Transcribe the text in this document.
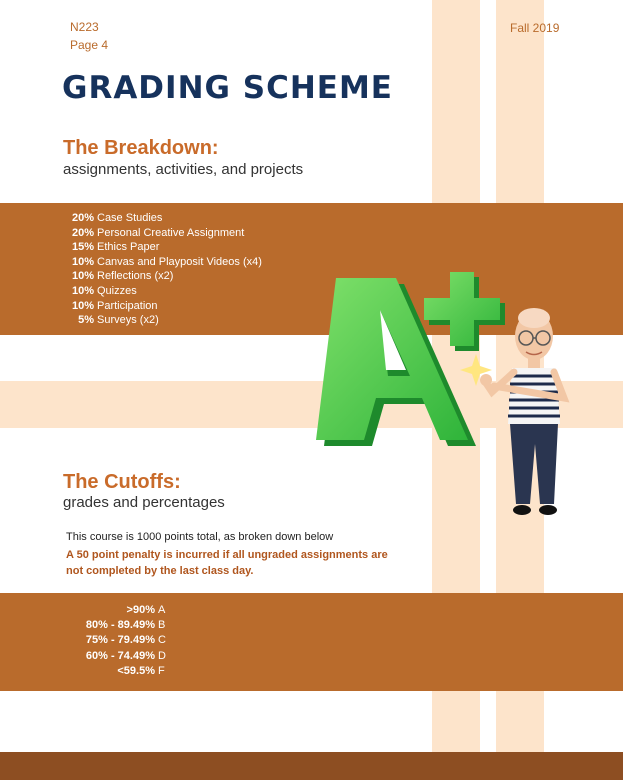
N223
Page 4
Fall 2019
GRADING SCHEME
The Breakdown:

assignments, activities, and projects

20% Case Studies
20% Personal Creative Assignment
15% Ethics Paper
10% Canvas and Playposit Videos (x4)
10% Reflections (x2)
10% Quizzes
10% Participation
5% Surveys (x2)
The Cutoffs:

grades and percentages

This course is 1000 points total, as broken down below
A 50 point penalty is incurred if all ungraded assignments are not completed by the last class day.
>90% A
80% - 89.49% B
75% - 79.49% C
60% - 74.49% D
<59.5% F
